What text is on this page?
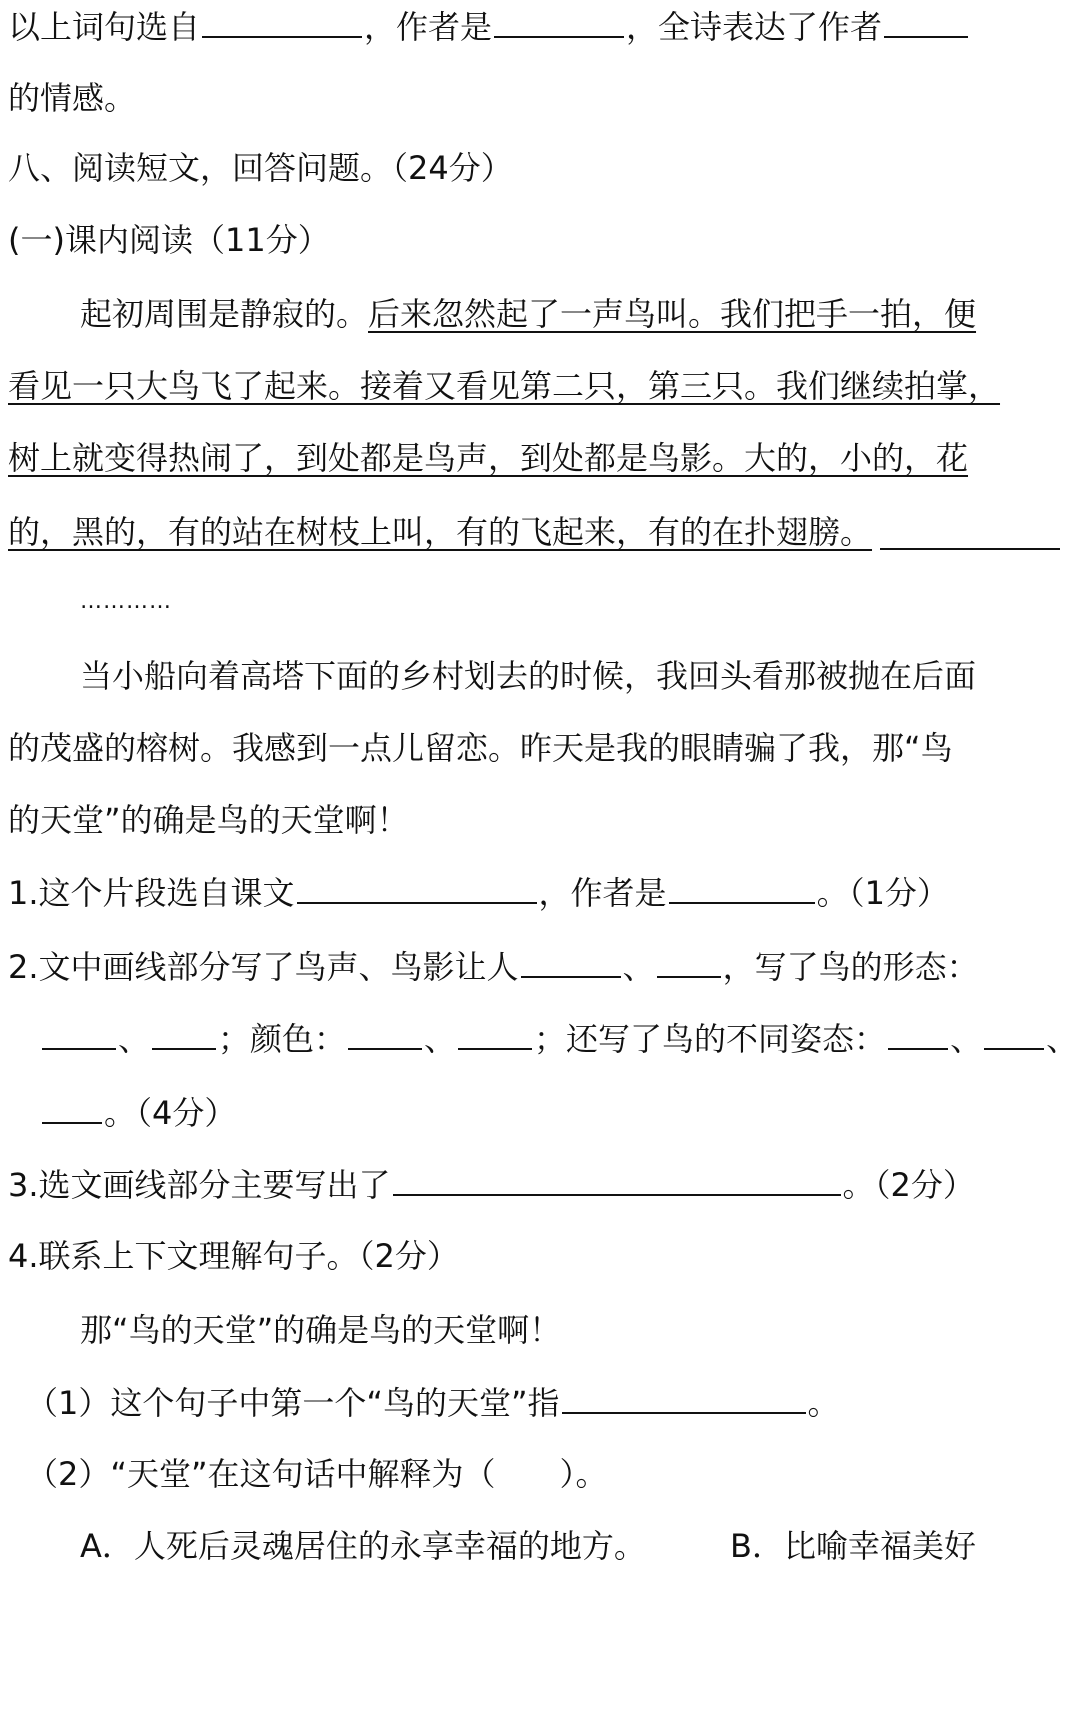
以上词句选自	，作者是	，全诗表达了作者
的情感。
八、阅读短文，回答问题。（24分）
(一)课内阅读（11分）
起初周围是静寂的。后来忽然起了一声鸟叫。我们把手一拍，便
看见一只大鸟飞了起来。接着又看见第二只，第三只。我们继续拍掌，
树上就变得热闹了，到处都是鸟声，到处都是鸟影。大的，小的，花
的，黑的，有的站在树枝上叫，有的飞起来，有的在扑翅膀。
…………
当小船向着高塔下面的乡村划去的时候，我回头看那被抛在后面
的茂盛的榕树。我感到一点儿留恋。昨天是我的眼睛骗了我，那“鸟
的天堂”的确是鸟的天堂啊！
1.这个片段选自课文	，作者是	。（1分）
2.文中画线部分写了鸟声、鸟影让人	、 ，写了鸟的形态：
、 ；颜色： 、 ；还写了鸟的不同姿态： 、 、
。（4分）
3.选文画线部分主要写出了	。（2分）
4.联系上下文理解句子。（2分）
那“鸟的天堂”的确是鸟的天堂啊！
（1）这个句子中第一个“鸟的天堂”指	。
（2）“天堂”在这句话中解释为（ ）。
A．人死后灵魂居住的永享幸福的地方。	B．比喻幸福美好
